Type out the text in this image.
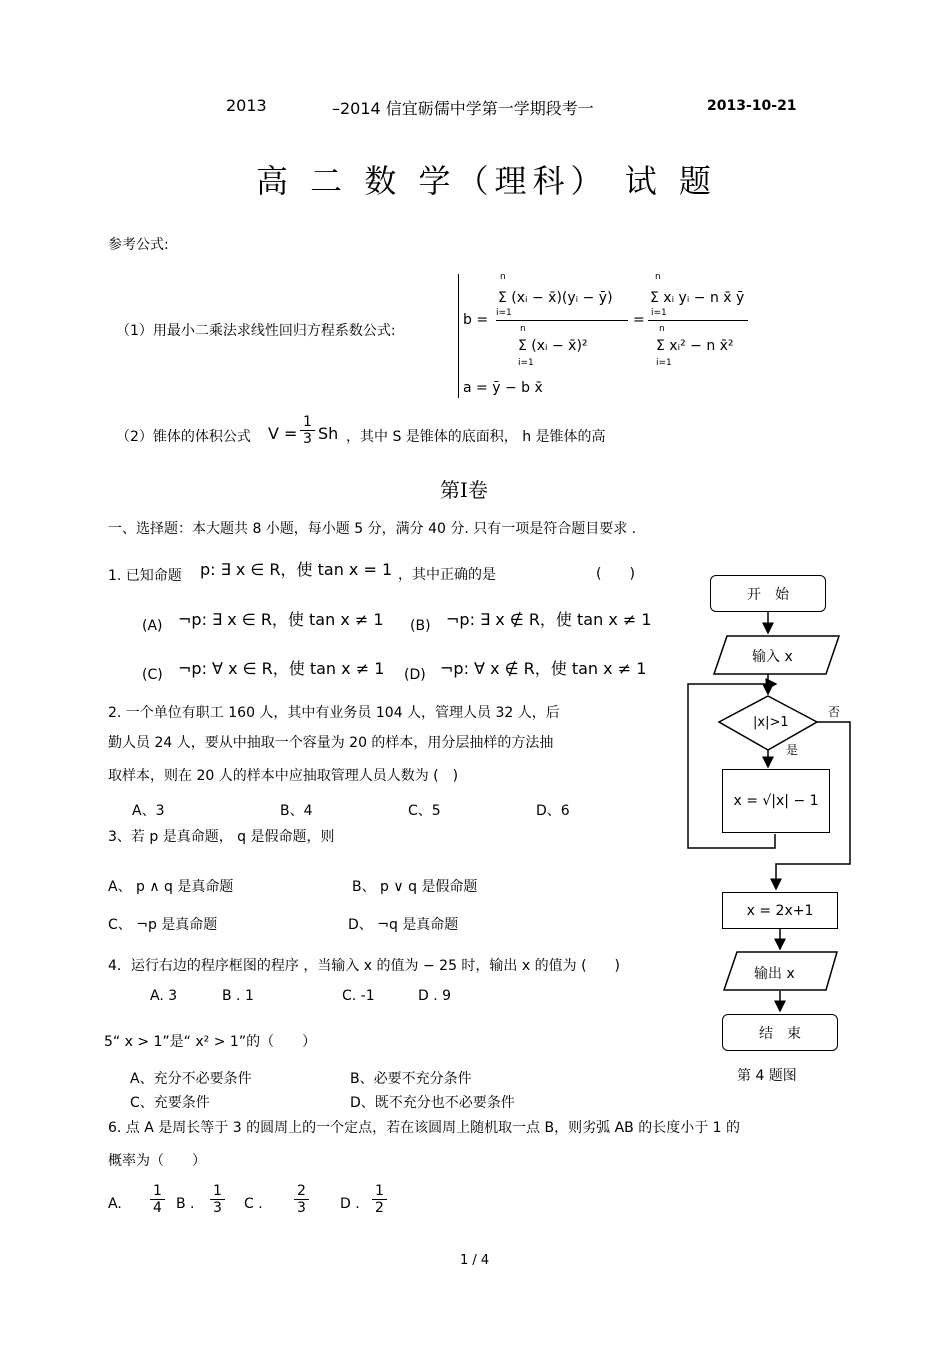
2013	–2014 信宜砺儒中学第一学期段考一	2013-10-21
高 二 数 学（理科） 试 题
参考公式:
（1）用最小二乘法求线性回归方程系数公式:
b =
Σ (xᵢ − x̄)(yᵢ − ȳ)
Σ (xᵢ − x̄)²
=
Σ xᵢ yᵢ − n x̄ ȳ
Σ xᵢ² − n x̄²
n
i=1
n
i=1
n
i=1
n
i=1
a = ȳ − b x̄
（2）锥体的体积公式 $V = \frac{1}{3}$ Sh ，其中 S 是锥体的底面积， h 是锥体的高
第Ⅰ卷
一、选择题：本大题共 8 小题，每小题 5 分，满分 40 分. 只有一项是符合题目要求 .
1. 已知命题 p: ∃ x ∈ R，使 tan x = 1 ，其中正确的是	(　　)
(A) ¬p: ∃ x ∈ R，使 tan x ≠ 1 (B) ¬p: ∃ x ∉ R，使 tan x ≠ 1
(C) ¬p: ∀ x ∈ R，使 tan x ≠ 1 (D) ¬p: ∀ x ∉ R，使 tan x ≠ 1
2. 一个单位有职工 160 人，其中有业务员 104 人，管理人员 32 人，后
勤人员 24 人，要从中抽取一个容量为 20 的样本，用分层抽样的方法抽
取样本，则在 20 人的样本中应抽取管理人员人数为 (　)
A、3	B、4	C、5	D、6
3、若 p 是真命题， q 是假命题，则
A、 p ∧ q 是真命题	B、 p ∨ q 是假命题
C、 ¬p 是真命题	D、 ¬q 是真命题
4．运行右边的程序框图的程序 ，当输入 x 的值为 − 25 时，输出 x 的值为 (　　)
A. 3	B . 1	C. -1	D . 9
5“ x > 1”是“ x² > 1”的（　　）
A、充分不必要条件	B、必要不充分条件
C、充要条件	D、既不充分也不必要条件
6. 点 A 是周长等于 3 的圆周上的一个定点，若在该圆周上随机取一点 B，则劣弧 AB 的长度小于 1 的
概率为（　　）
A. $\frac{1}{4}$ B . $\frac{1}{3}$ C . $\frac{2}{3}$ D . $\frac{1}{2}$
开　始
输入 x
|x|>1
否
是
x = √|x| − 1
x = 2x+1
输出 x
结　束
第 4 题图
1 / 4
